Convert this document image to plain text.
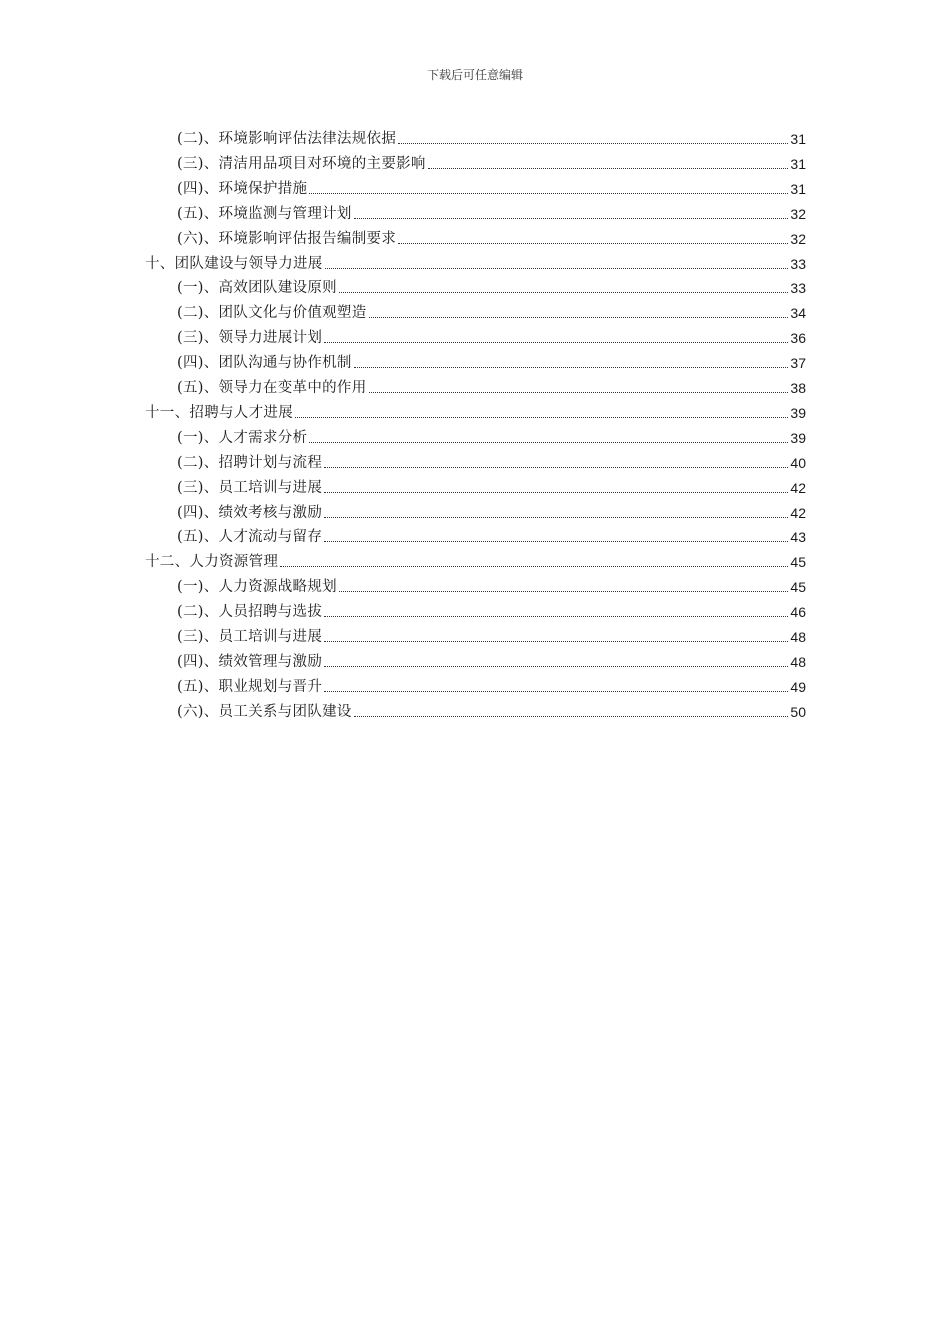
下载后可任意编辑
(二)、环境影响评估法律法规依据	31
(三)、清洁用品项目对环境的主要影响	31
(四)、环境保护措施	31
(五)、环境监测与管理计划	32
(六)、环境影响评估报告编制要求	32
十、团队建设与领导力进展	33
(一)、高效团队建设原则	33
(二)、团队文化与价值观塑造	34
(三)、领导力进展计划	36
(四)、团队沟通与协作机制	37
(五)、领导力在变革中的作用	38
十一、招聘与人才进展	39
(一)、人才需求分析	39
(二)、招聘计划与流程	40
(三)、员工培训与进展	42
(四)、绩效考核与激励	42
(五)、人才流动与留存	43
十二、人力资源管理	45
(一)、人力资源战略规划	45
(二)、人员招聘与选拔	46
(三)、员工培训与进展	48
(四)、绩效管理与激励	48
(五)、职业规划与晋升	49
(六)、员工关系与团队建设	50
